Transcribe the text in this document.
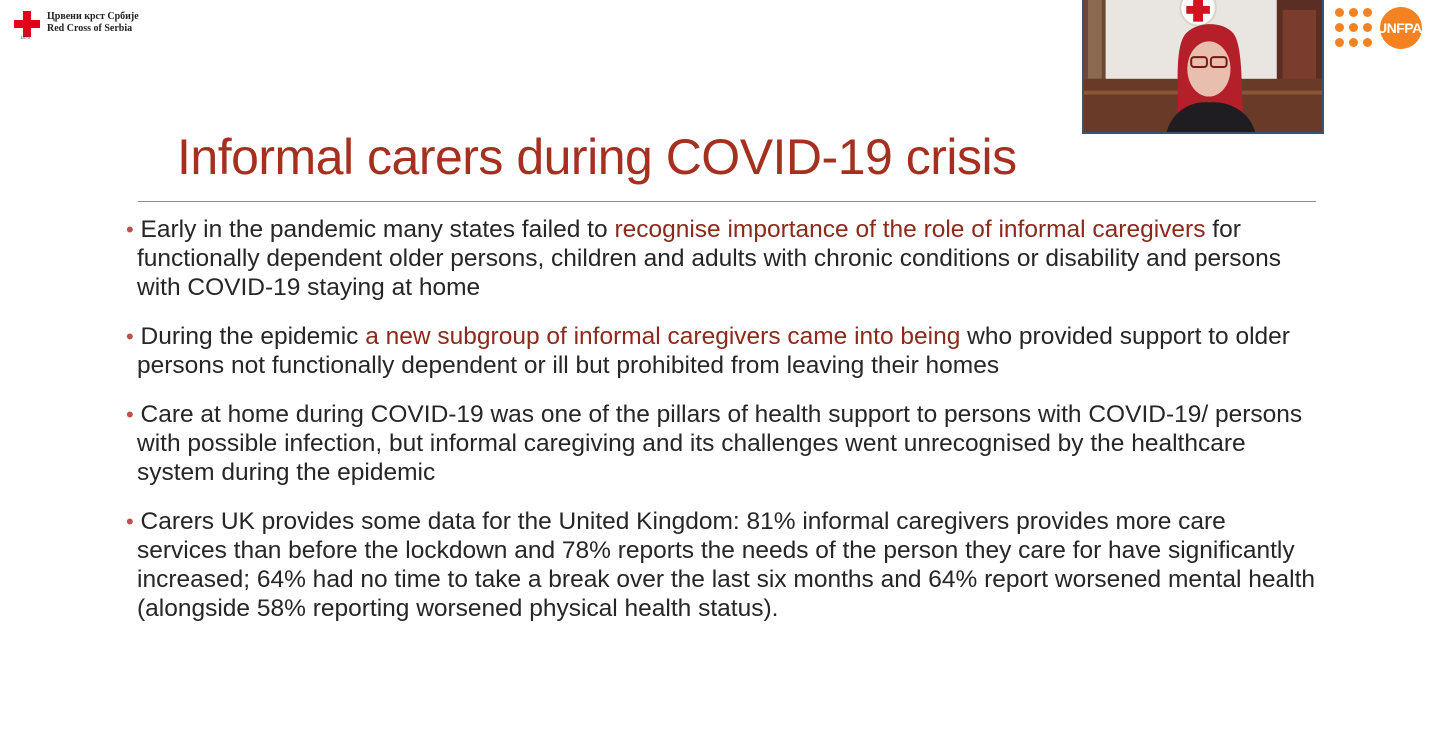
1876
Црвени крст Србије
Red Cross of Serbia	UNFPA
Informal carers during COVID-19 crisis
• Early in the pandemic many states failed to recognise importance of the role of informal caregivers for functionally dependent older persons, children and adults with chronic conditions or disability and persons with COVID-19 staying at home
• During the epidemic a new subgroup of informal caregivers came into being who provided support to older persons not functionally dependent or ill but prohibited from leaving their homes
• Care at home during COVID-19 was one of the pillars of health support to persons with COVID-19/ persons with possible infection, but informal caregiving and its challenges went unrecognised by the healthcare system during the epidemic
• Carers UK provides some data for the United Kingdom: 81% informal caregivers provides more care services than before the lockdown and 78% reports the needs of the person they care for have significantly increased; 64% had no time to take a break over the last six months and 64% report worsened mental health (alongside 58% reporting worsened physical health status).
